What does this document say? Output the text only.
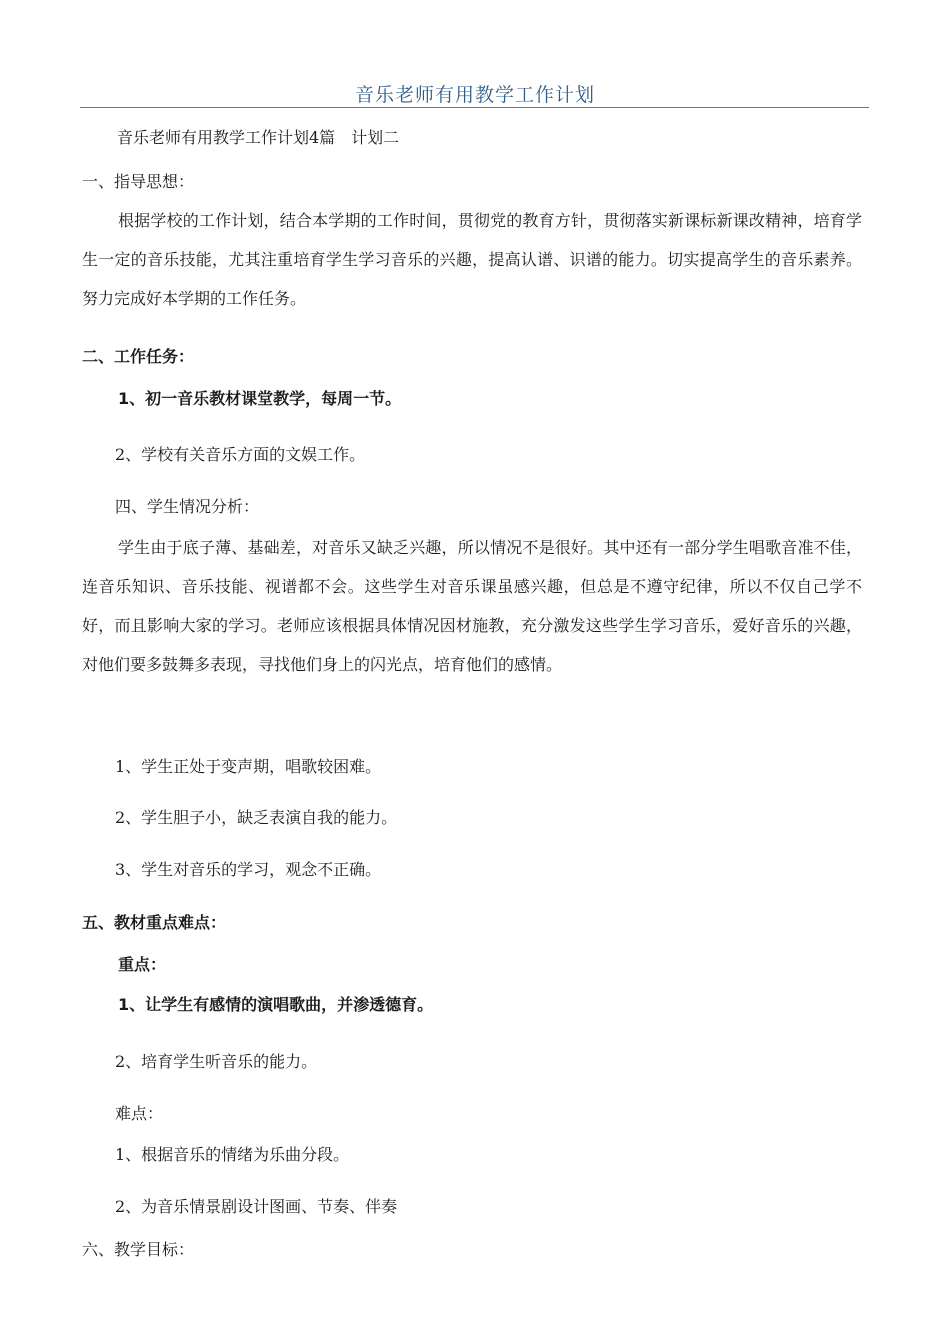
音乐老师有用教学工作计划
音乐老师有用教学工作计划4篇　计划二
一、指导思想：
根据学校的工作计划，结合本学期的工作时间，贯彻党的教育方针，贯彻落实新课标新课改精神，培育学生一定的音乐技能，尤其注重培育学生学习音乐的兴趣，提高认谱、识谱的能力。切实提高学生的音乐素养。努力完成好本学期的工作任务。
二、工作任务：
1、初一音乐教材课堂教学，每周一节。
2、学校有关音乐方面的文娱工作。
四、学生情况分析：
学生由于底子薄、基础差，对音乐又缺乏兴趣，所以情况不是很好。其中还有一部分学生唱歌音准不佳，连音乐知识、音乐技能、视谱都不会。这些学生对音乐课虽感兴趣，但总是不遵守纪律，所以不仅自己学不好，而且影响大家的学习。老师应该根据具体情况因材施教，充分激发这些学生学习音乐，爱好音乐的兴趣，对他们要多鼓舞多表现，寻找他们身上的闪光点，培育他们的感情。
1、学生正处于变声期，唱歌较困难。
2、学生胆子小，缺乏表演自我的能力。
3、学生对音乐的学习，观念不正确。
五、教材重点难点：
重点：
1、让学生有感情的演唱歌曲，并渗透德育。
2、培育学生听音乐的能力。
难点：
1、根据音乐的情绪为乐曲分段。
2、为音乐情景剧设计图画、节奏、伴奏
六、教学目标：
